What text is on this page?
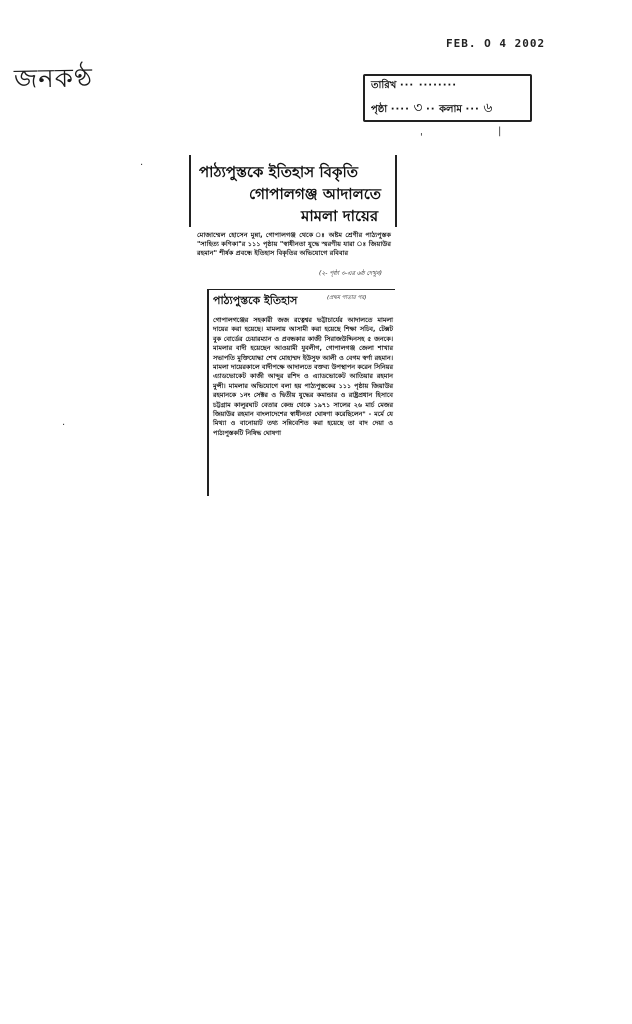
জনকণ্ঠ
FEB. O 4 2002
তারিখ ··· ········
পৃষ্ঠা ···· ৩ ·· কলাম ··· ৬
'
|
·
·
পাঠ্যপুস্তকে ইতিহাস বিকৃতি
গোপালগঞ্জ আদালতে
মামলা দায়ের
মোজাম্মেল হোসেন মুন্না, গোপালগঞ্জ থেকে ঃ অষ্টম শ্রেণীর পাঠ্যপুস্তক "সাহিত্য কণিকা"র ১১১ পৃষ্ঠায় "স্বাধীনতা যুদ্ধে স্মরণীয় যারা ঃ জিয়াউর রহমান" শীর্ষক প্রবন্ধে ইতিহাস বিকৃতির অভিযোগে রবিবার
(২- পৃষ্ঠা ৩-এর ৬ষ্ঠ দেখুন)
পাঠ্যপুস্তকে ইতিহাস	(প্রথম পাতার পর)
গোপালগঞ্জের সহকারী জজ রত্নেশ্বর ভট্টাচার্যের আদালতে মামলা দায়ের করা হয়েছে। মামলায় আসামী করা হয়েছে শিক্ষা সচিব, টেক্সট বুক বোর্ডের চেয়ারম্যান ও প্রবন্ধকার কাজী সিরাজউদ্দিনসহ ৫ জনকে। মামলার বাদী হয়েছেন আওয়ামী যুবলীগ, গোপালগঞ্জ জেলা শাখার সভাপতি মুক্তিযোদ্ধা শেখ মোহাম্মদ ইউসুফ আলী ও বেগম স্বর্ণা রহমান। মামলা দায়েরকালে বাদীপক্ষে আদালতে বক্তব্য উপস্থাপন করেন সিনিয়র এ্যাডভোকেট কাজী আব্দুর রশিদ ও এ্যাডভোকেট আতিয়ার রহমান মুন্সী। মামলার অভিযোগে বলা হয় পাঠ্যপুস্তকের ১১১ পৃষ্ঠায় জিয়াউর রহমানকে ১নং সেক্টর ও দ্বিতীয় যুদ্ধের কমান্ডার ও রাষ্ট্রপ্রধান হিসাবে চট্টগ্রাম কালুরঘাট বেতার কেন্দ্র থেকে ১৯৭১ সালের ২৬ মার্চ মেজর জিয়াউর রহমান বাংলাদেশের স্বাধীনতা ঘোষণা করেছিলেন" - মর্মে যে মিথ্যা ও বানোয়াট তথ্য সন্নিবেশিত করা হয়েছে তা বাদ দেয়া ও পাঠ্যপুস্তকটি নিষিদ্ধ ঘোষণা
